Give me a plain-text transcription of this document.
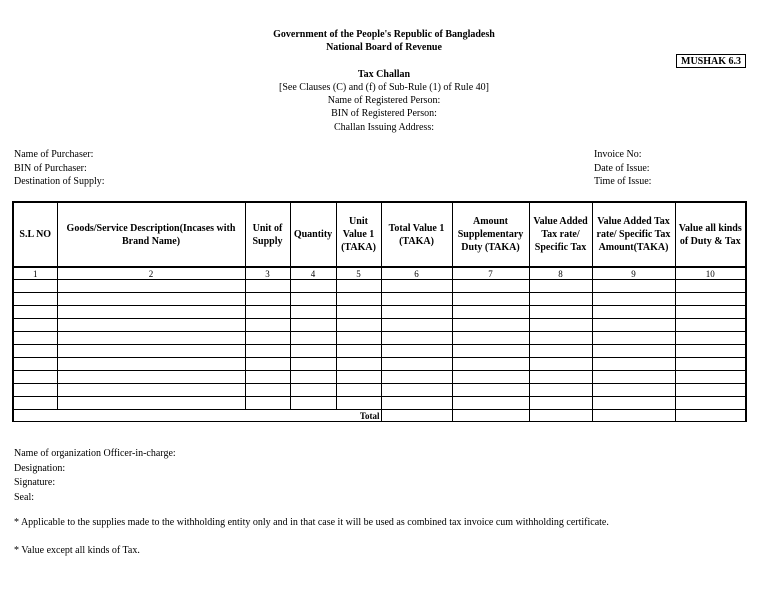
Government of the People's Republic of Bangladesh
National Board of Revenue
MUSHAK 6.3
Tax Challan
[See Clauses (C) and (f) of Sub-Rule (1) of Rule 40]
Name of Registered Person:
BIN of Registered Person:
Challan Issuing Address:
Name of Purchaser:
BIN of Purchaser:
Destination of Supply:
Invoice No:
Date of Issue:
Time of Issue:
S.L NO	Goods/Service Description(Incases with Brand Name)	Unit of Supply	Quantity	Unit Value 1 (TAKA)	Total Value 1 (TAKA)	Amount Supplementary Duty (TAKA)	Value Added Tax rate/ Specific Tax	Value Added Tax rate/ Specific Tax Amount(TAKA)	Value all kinds of Duty & Tax
1	2	3	4	5	6	7	8	9	10

				Total					
Name of organization Officer-in-charge:
Designation:
Signature:
Seal:
* Applicable to the supplies made to the withholding entity only and in that case it will be used as combined tax invoice cum withholding certificate.
* Value except all kinds of Tax.
